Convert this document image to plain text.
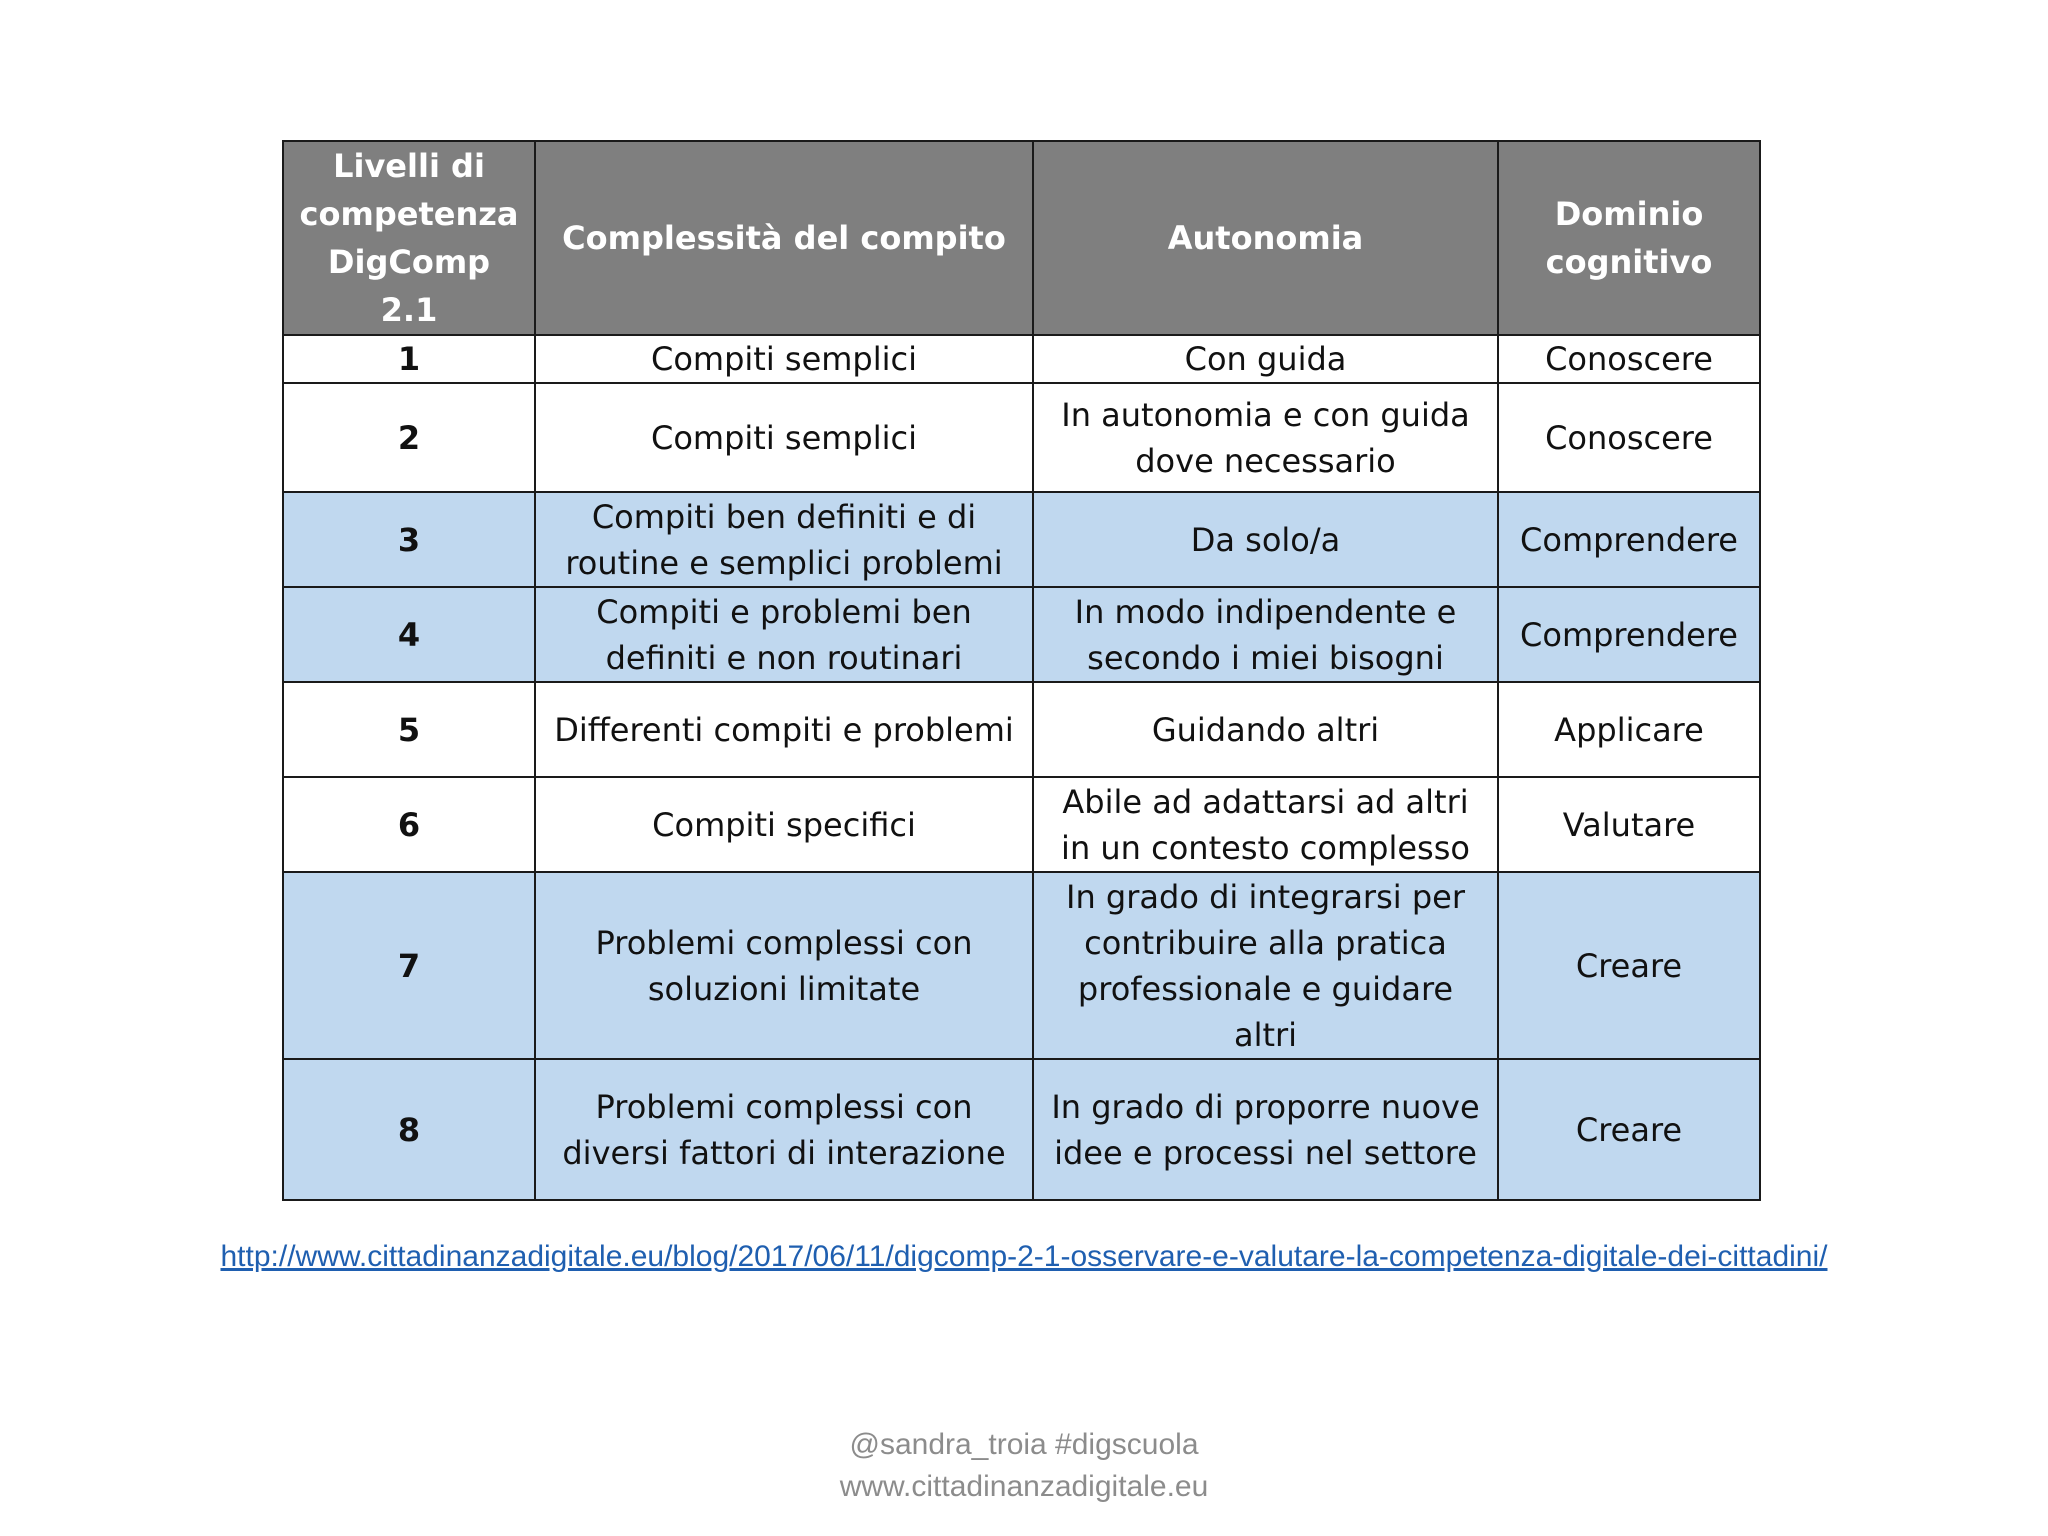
Livelli di competenza DigComp 2.1	Complessità del compito	Autonomia	Dominio cognitivo
1	Compiti semplici	Con guida	Conoscere
2	Compiti semplici	In autonomia e con guida dove necessario	Conoscere
3	Compiti ben definiti e di routine e semplici problemi	Da solo/a	Comprendere
4	Compiti e problemi ben definiti e non routinari	In modo indipendente e secondo i miei bisogni	Comprendere
5	Differenti compiti e problemi	Guidando altri	Applicare
6	Compiti specifici	Abile ad adattarsi ad altri in un contesto complesso	Valutare
7	Problemi complessi con soluzioni limitate	In grado di integrarsi per contribuire alla pratica professionale e guidare altri	Creare
8	Problemi complessi con diversi fattori di interazione	In grado di proporre nuove idee e processi nel settore	Creare
http://www.cittadinanzadigitale.eu/blog/2017/06/11/digcomp-2-1-osservare-e-valutare-la-competenza-digitale-dei-cittadini/
@sandra_troia #digscuola
www.cittadinanzadigitale.eu
